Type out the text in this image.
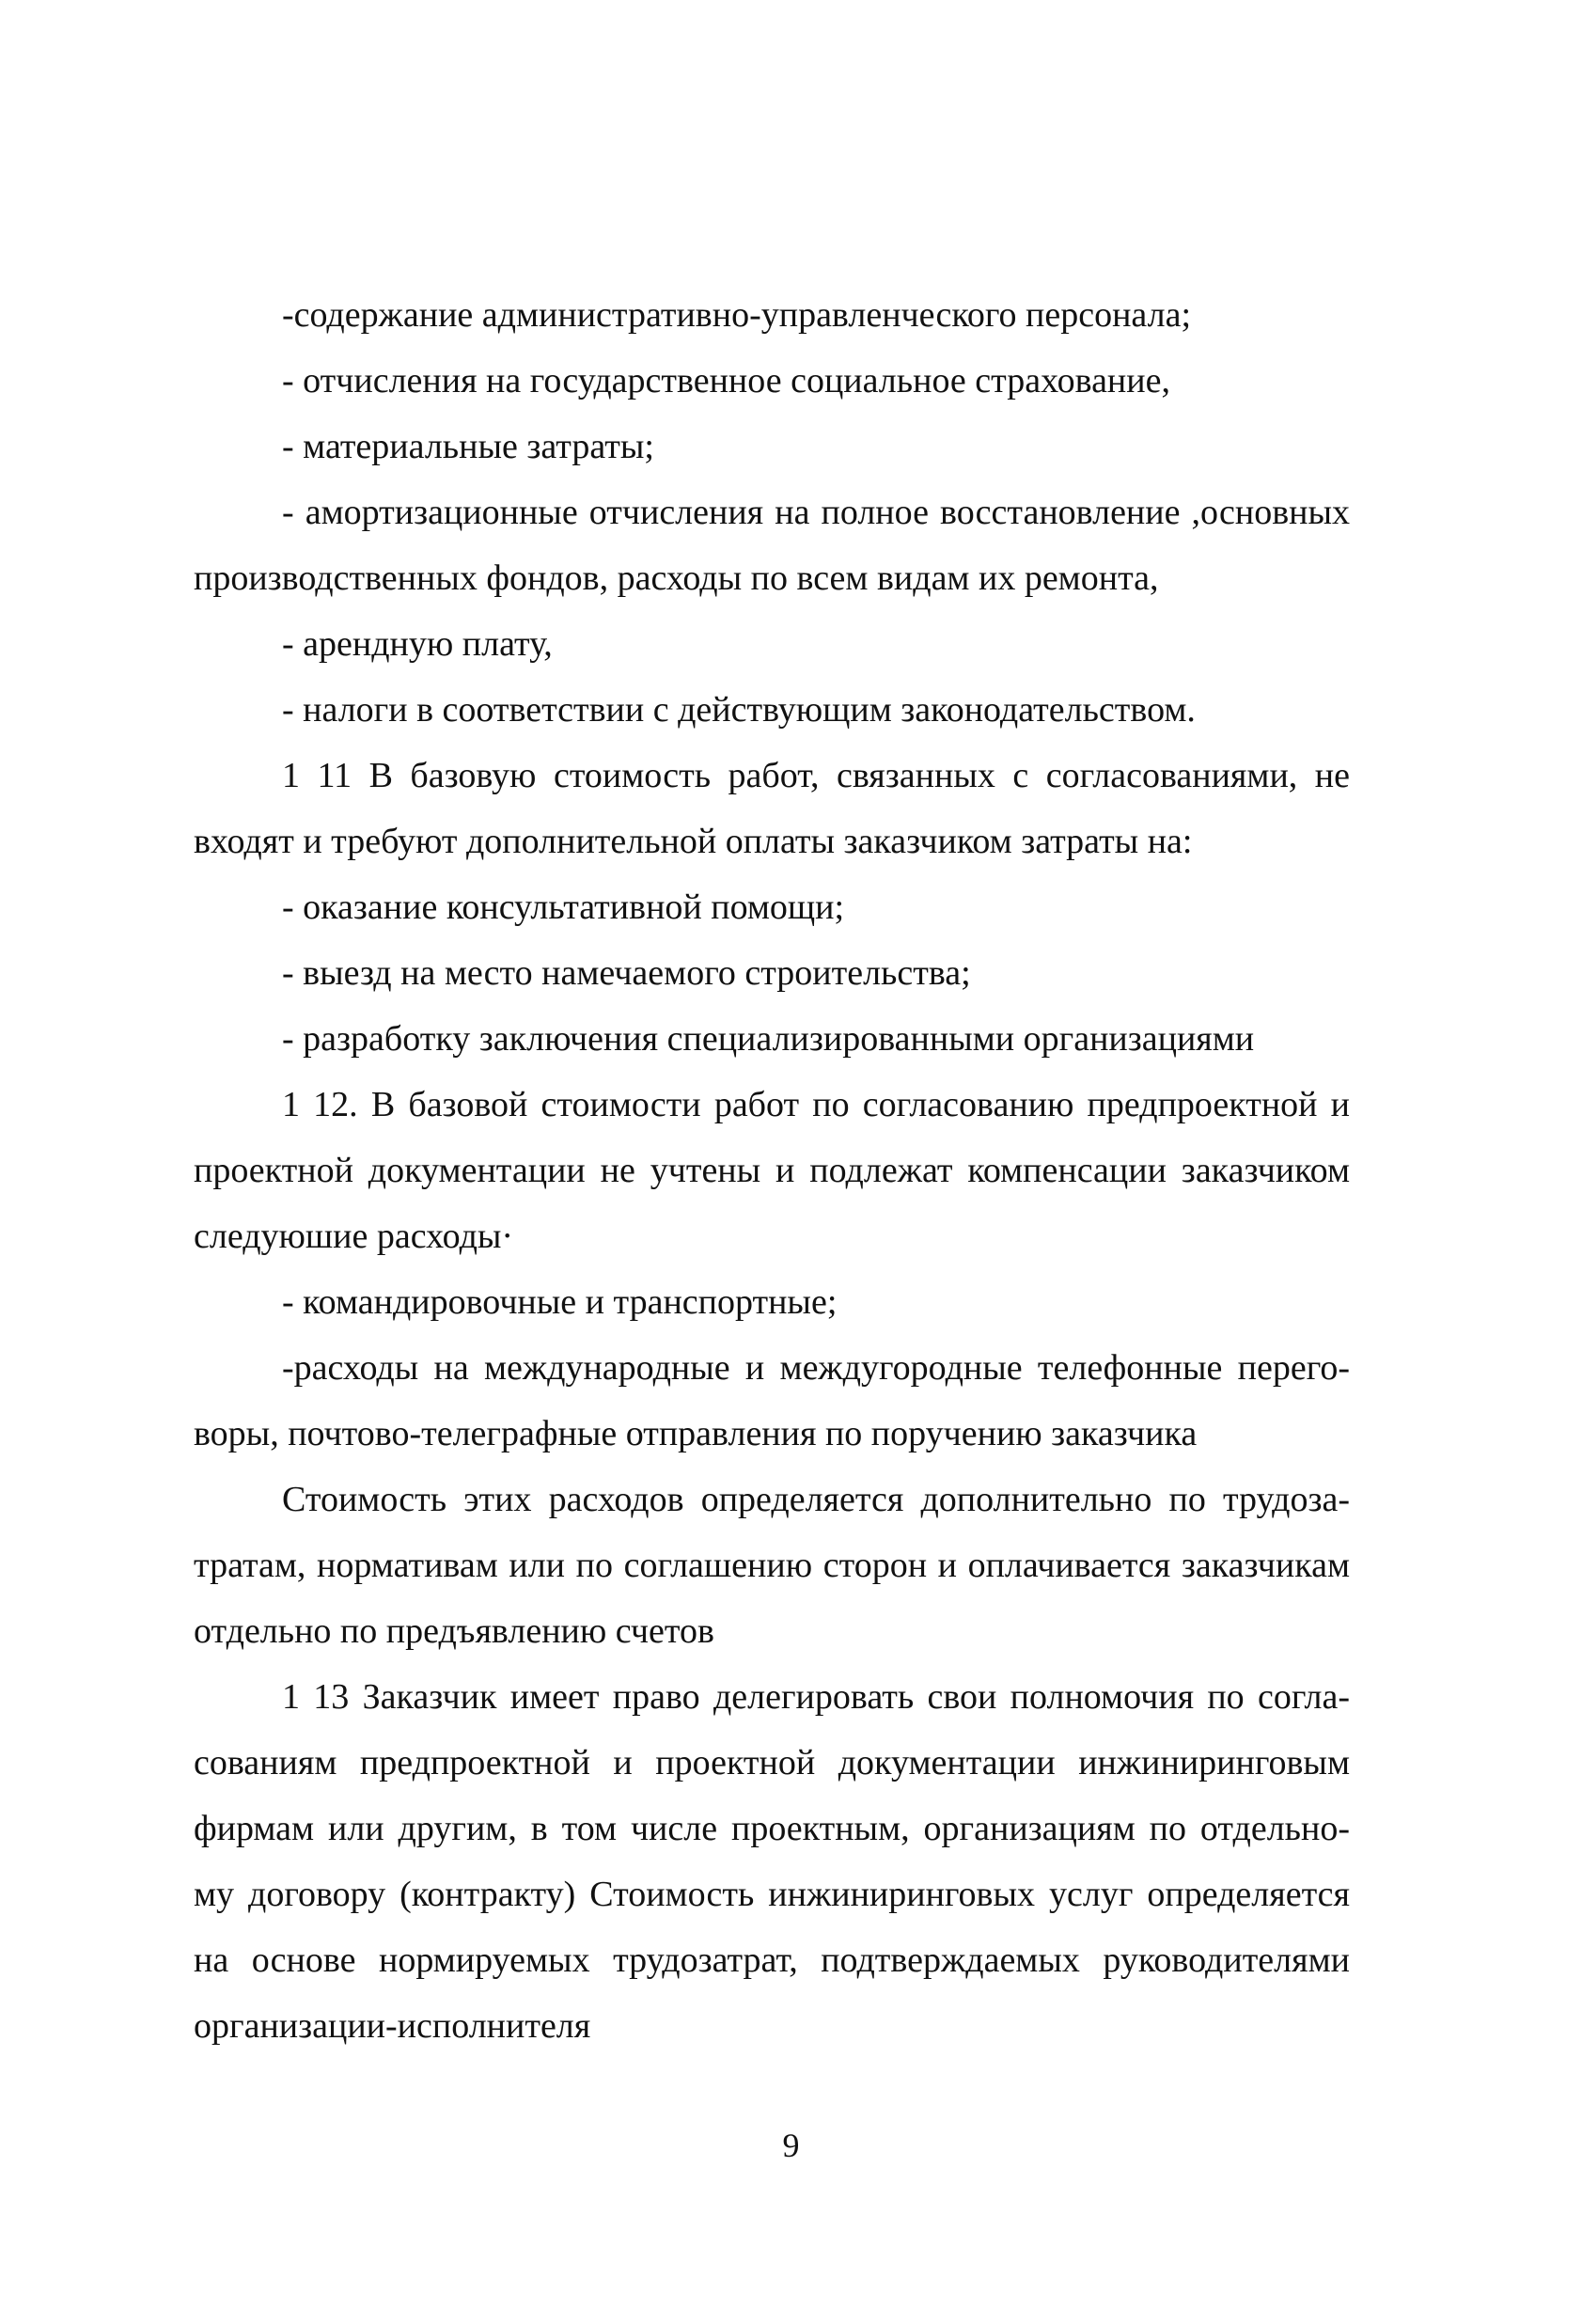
-содержание административно-управленческого персонала;

- отчисления на государственное социальное страхование,

- материальные затраты;

- амортизационные отчисления на полное восстановление ,основных

производственных фондов, расходы по всем видам их ремонта,

- арендную плату,

- налоги в соответствии с действующим законодательством.

1 11 В базовую стоимость работ, связанных с согласованиями, не

входят и требуют дополнительной оплаты заказчиком затраты на:

- оказание консультативной помощи;

- выезд на место намечаемого строительства;

- разработку заключения специализированными организациями

1 12. В базовой стоимости работ по согласованию предпроектной и

проектной документации не учтены и подлежат компенсации заказчиком

следуюшие расходы·

- командировочные и транспортные;

-расходы на международные и междугородные телефонные перего-

воры, почтово-телеграфные отправления по поручению заказчика

Стоимость этих расходов определяется дополнительно по трудоза-

тратам, нормативам или по соглашению сторон и оплачивается заказчикам

отдельно по предъявлению счетов

1 13 Заказчик имеет право делегировать свои полномочия по согла-

сованиям предпроектной и проектной документации инжиниринговым

фирмам или другим, в том числе проектным, организациям по отдельно-

му договору (контракту) Стоимость инжиниринговых услуг определяется

на основе нормируемых трудозатрат, подтверждаемых руководителями

организации-исполнителя

9
